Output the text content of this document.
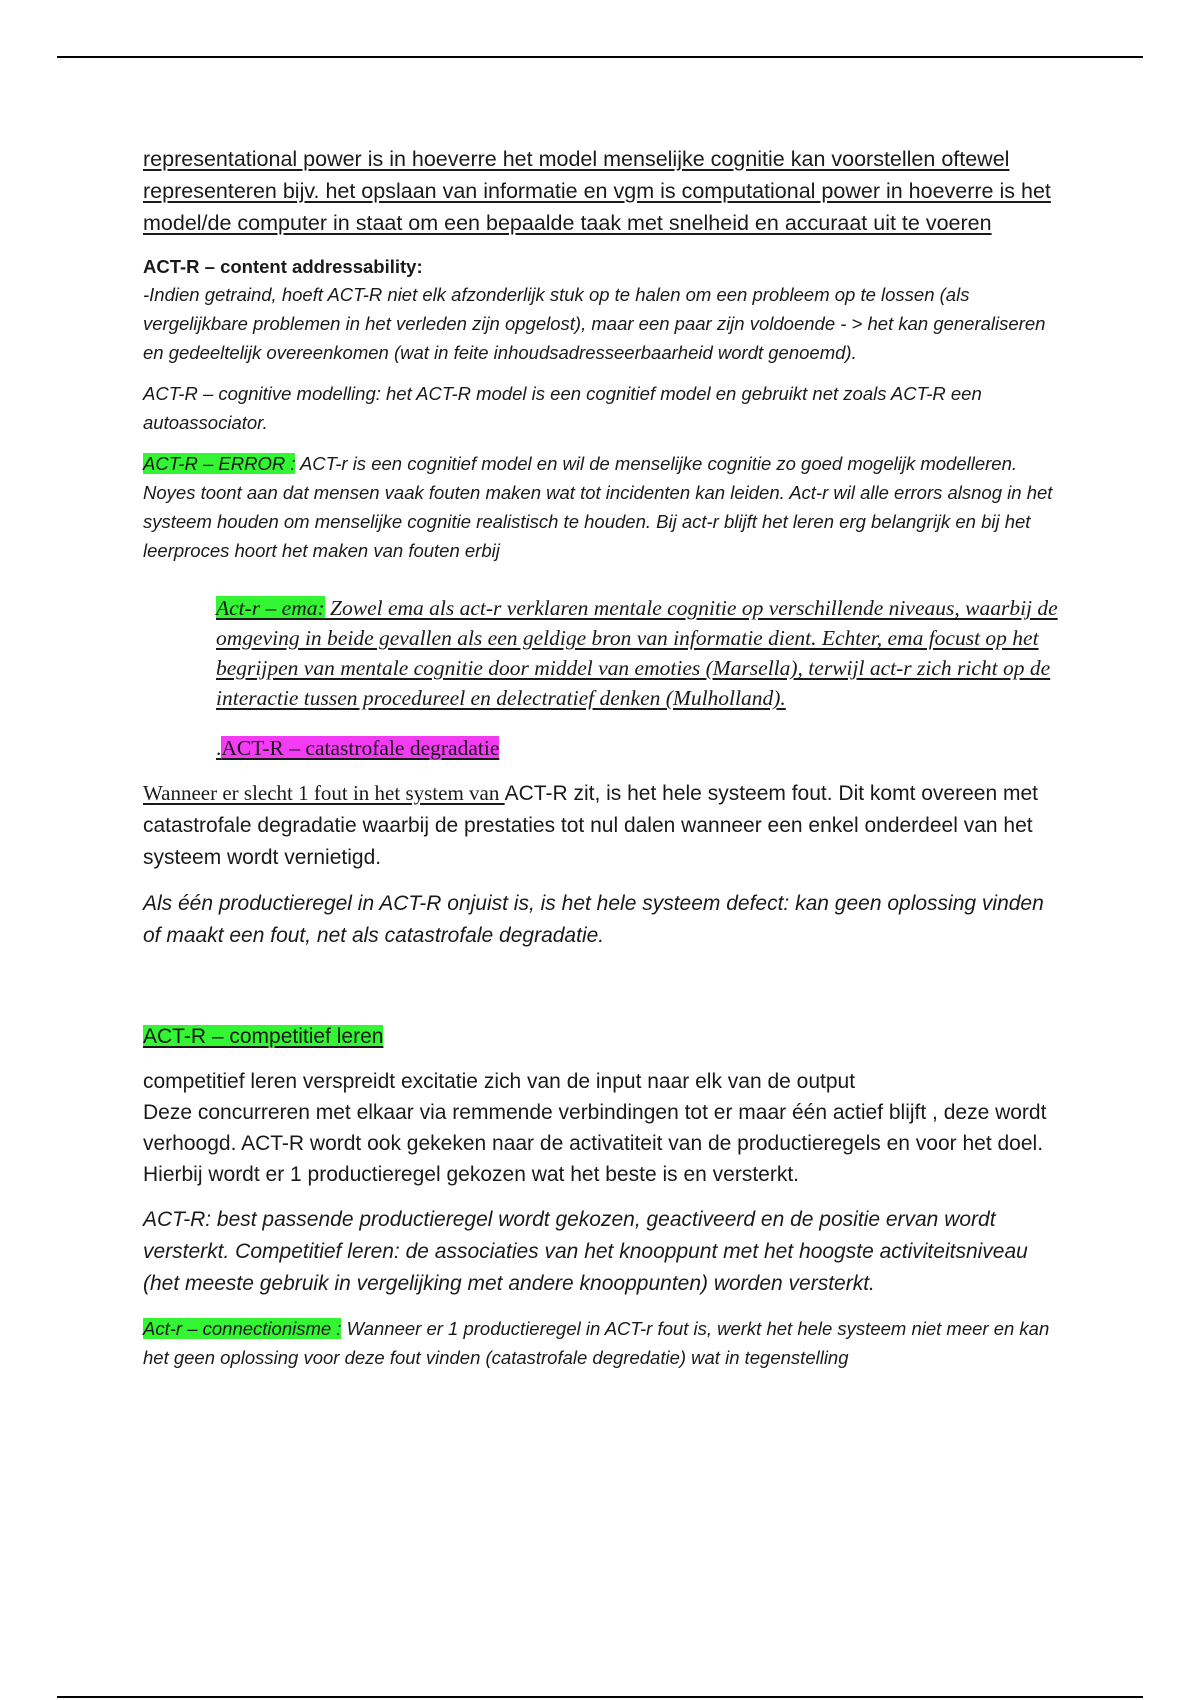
representational power is in hoeverre het model menselijke cognitie kan voorstellen oftewel representeren bijv. het opslaan van informatie en vgm is computational power in hoeverre is het model/de computer in staat om een bepaalde taak met snelheid en accuraat uit te voeren

ACT-R – content addressability:

-Indien getraind, hoeft ACT-R niet elk afzonderlijk stuk op te halen om een probleem op te lossen (als vergelijkbare problemen in het verleden zijn opgelost), maar een paar zijn voldoende - > het kan generaliseren en gedeeltelijk overeenkomen (wat in feite inhoudsadresseerbaarheid wordt genoemd).

ACT-R – cognitive modelling: het ACT-R model is een cognitief model en gebruikt net zoals ACT-R een autoassociator.

ACT-R – ERROR : ACT-r is een cognitief model en wil de menselijke cognitie zo goed mogelijk modelleren. Noyes toont aan dat mensen vaak fouten maken wat tot incidenten kan leiden. Act-r wil alle errors alsnog in het systeem houden om menselijke cognitie realistisch te houden. Bij act-r blijft het leren erg belangrijk en bij het leerproces hoort het maken van fouten erbij

Act-r – ema: Zowel ema als act-r verklaren mentale cognitie op verschillende niveaus, waarbij de omgeving in beide gevallen als een geldige bron van informatie dient. Echter, ema focust op het begrijpen van mentale cognitie door middel van emoties (Marsella), terwijl act-r zich richt op de interactie tussen procedureel en delectratief denken (Mulholland).

.ACT-R – catastrofale degradatie

Wanneer er slecht 1 fout in het system van ACT-R zit, is het hele systeem fout. Dit komt overeen met catastrofale degradatie waarbij de prestaties tot nul dalen wanneer een enkel onderdeel van het systeem wordt vernietigd.

Als één productieregel in ACT-R onjuist is, is het hele systeem defect: kan geen oplossing vinden of maakt een fout, net als catastrofale degradatie.

ACT-R – competitief leren

competitief leren verspreidt excitatie zich van de input naar elk van de output
Deze concurreren met elkaar via remmende verbindingen tot er maar één actief blijft , deze wordt verhoogd. ACT-R wordt ook gekeken naar de activatiteit van de productieregels en voor het doel. Hierbij wordt er 1 productieregel gekozen wat het beste is en versterkt.

ACT-R: best passende productieregel wordt gekozen, geactiveerd en de positie ervan wordt versterkt. Competitief leren: de associaties van het knooppunt met het hoogste activiteitsniveau (het meeste gebruik in vergelijking met andere knooppunten) worden versterkt.

Act-r – connectionisme : Wanneer er 1 productieregel in ACT-r fout is, werkt het hele systeem niet meer en kan het geen oplossing voor deze fout vinden (catastrofale degredatie) wat in tegenstelling
